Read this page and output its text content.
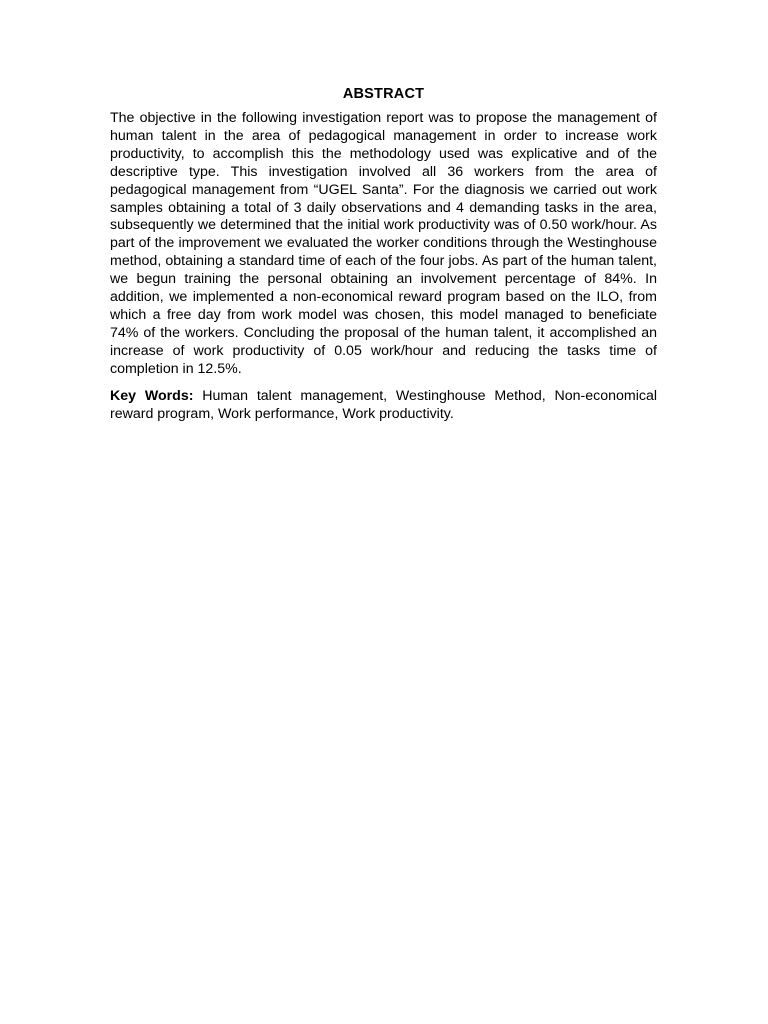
ABSTRACT

The objective in the following investigation report was to propose the management of human talent in the area of pedagogical management in order to increase work productivity, to accomplish this the methodology used was explicative and of the descriptive type. This investigation involved all 36 workers from the area of pedagogical management from “UGEL Santa”. For the diagnosis we carried out work samples obtaining a total of 3 daily observations and 4 demanding tasks in the area, subsequently we determined that the initial work productivity was of 0.50 work/hour. As part of the improvement we evaluated the worker conditions through the Westinghouse method, obtaining a standard time of each of the four jobs. As part of the human talent, we begun training the personal obtaining an involvement percentage of 84%. In addition, we implemented a non-economical reward program based on the ILO, from which a free day from work model was chosen, this model managed to beneficiate 74% of the workers. Concluding the proposal of the human talent, it accomplished an increase of work productivity of 0.05 work/hour and reducing the tasks time of completion in 12.5%.

Key Words: Human talent management, Westinghouse Method, Non-economical reward program, Work performance, Work productivity.
